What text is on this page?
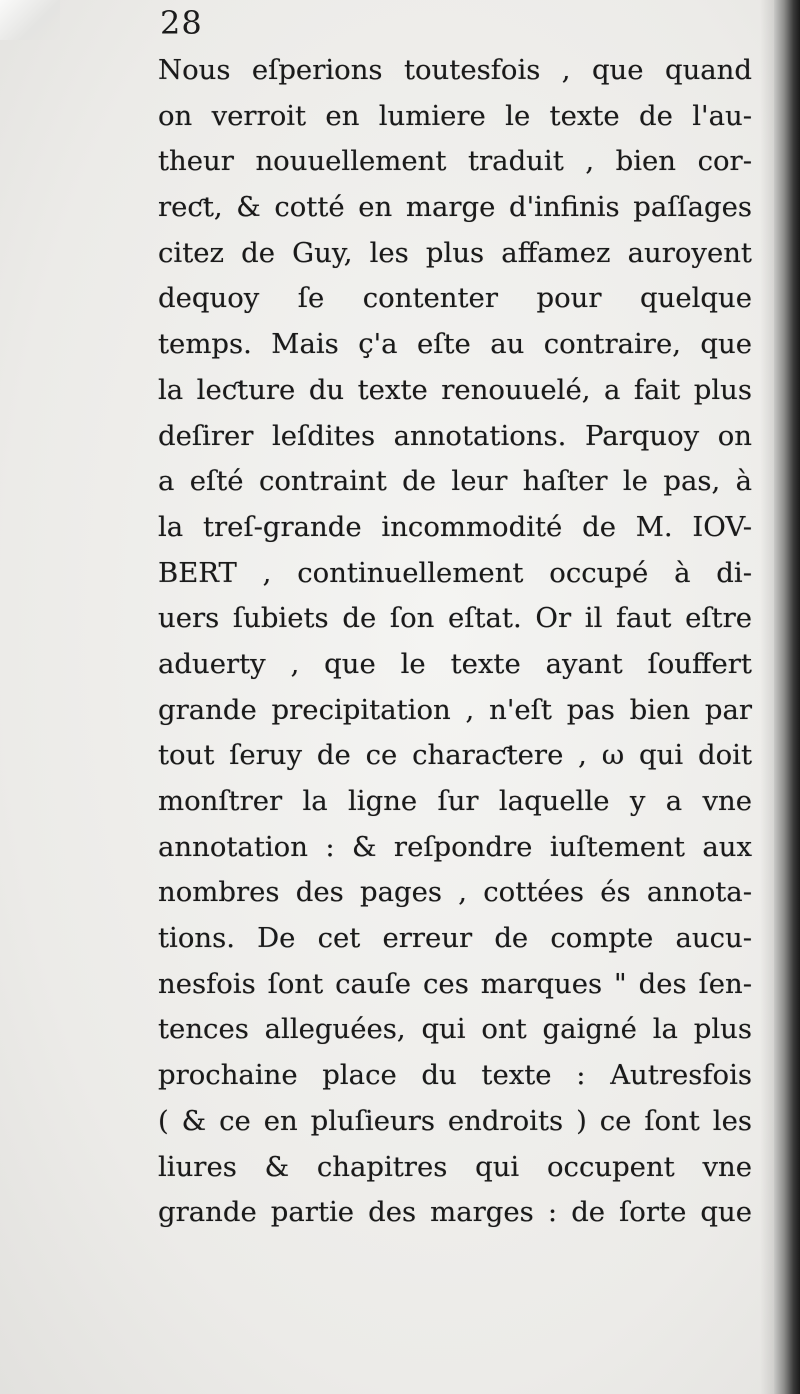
28
Nous eſperions toutesfois , que quand
on verroit en lumiere le texte de l'au-
theur nouuellement traduit , bien cor-
reƈt, & cotté en marge d'infinis paſſages
citez de Guy, les plus affamez auroyent
dequoy ſe contenter pour quelque
temps. Mais ç'a eſte au contraire, que
la leƈture du texte renouuelé, a fait plus
deſirer leſdites annotations. Parquoy on
a eſté contraint de leur haſter le pas, à
la treſ-grande incommodité de M. IOV-
BERT , continuellement occupé à di-
uers ſubiets de ſon eſtat. Or il faut eſtre
aduerty , que le texte ayant ſouffert
grande precipitation , n'eſt pas bien par
tout ſeruy de ce charaƈtere , ω qui doit
monſtrer la ligne ſur laquelle y a vne
annotation : & reſpondre iuſtement aux
nombres des pages , cottées és annota-
tions. De cet erreur de compte aucu-
nesfois ſont cauſe ces marques " des ſen-
tences alleguées, qui ont gaigné la plus
prochaine place du texte : Autresfois
( & ce en pluſieurs endroits ) ce ſont les
liures & chapitres qui occupent vne
grande partie des marges : de ſorte que
